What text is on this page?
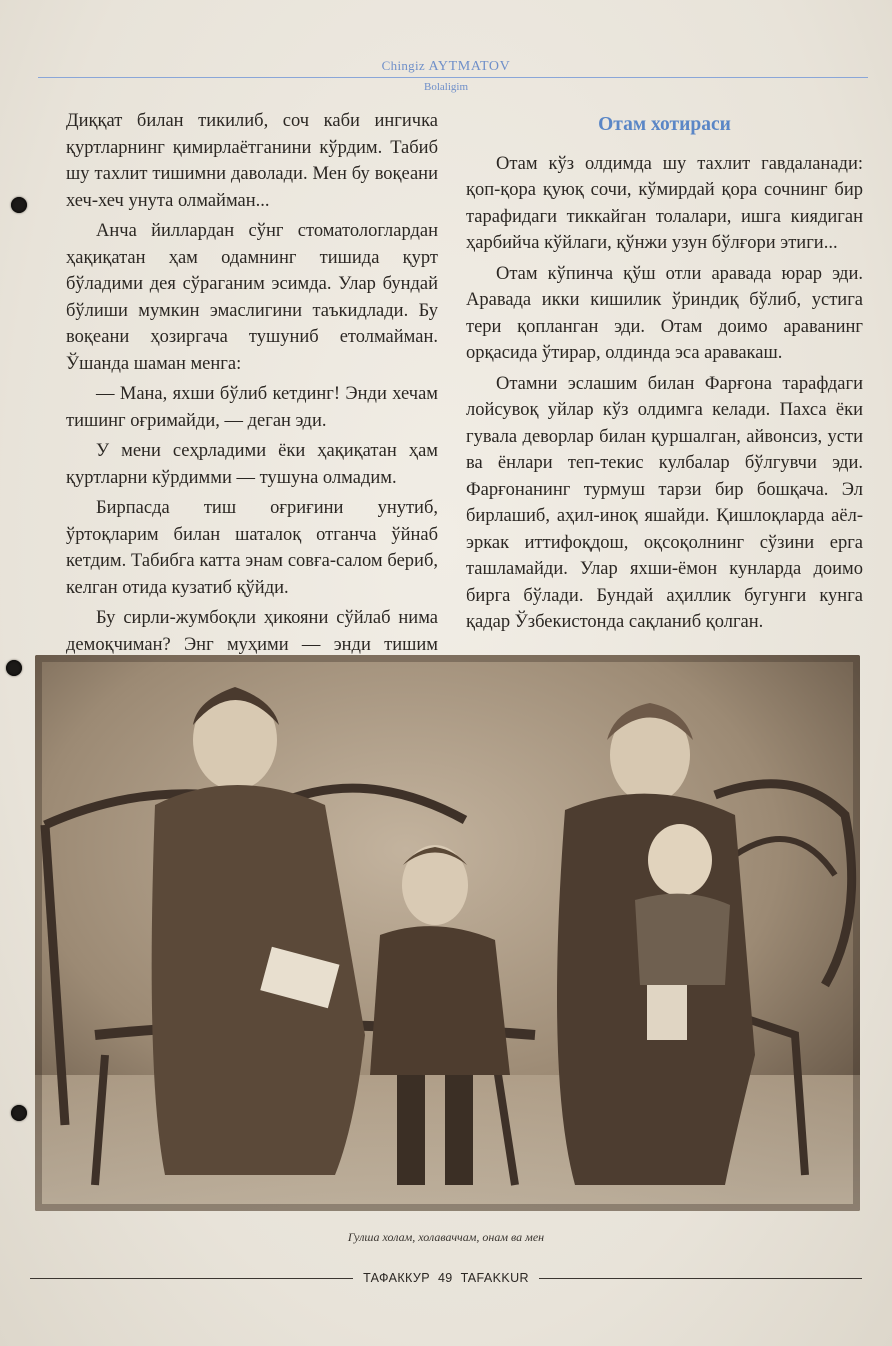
Chingiz AYTMATOV
Bolaligim

Диққат билан тикилиб, соч каби ингичка қуртларнинг қимирлаётганини кўрдим. Табиб шу тахлит тишимни даволади. Мен бу воқеани хеч-хеч унута олмайман...

Анча йиллардан сўнг стоматологлардан ҳақиқатан ҳам одамнинг тишида қурт бўладими дея сўраганим эсимда. Улар бундай бўлиши мумкин эмаслигини таъкидлади. Бу воқеани ҳозиргача тушуниб етолмайман. Ўшанда шаман менга:

— Мана, яхши бўлиб кетдинг! Энди хечам тишинг оғримайди, — деган эди.

У мени сеҳрладими ёки ҳақиқатан ҳам қуртларни кўрдимми — тушуна олмадим.

Бирпасда тиш оғриғини унутиб, ўртоқларим билан шаталоқ отганча ўйнаб кетдим. Табибга катта энам совға-салом бериб, келган отида кузатиб қўйди.

Бу сирли-жумбоқли ҳикояни сўйлаб нима демоқчиман? Энг муҳими — энди тишим

Отам хотираси

Отам кўз олдимда шу тахлит гавдаланади: қоп-қора қуюқ сочи, кўмирдай қора сочнинг бир тарафидаги тиккайган толалари, ишга киядиган ҳарбийча кўйлаги, қўнжи узун бўлғори этиги...

Отам кўпинча қўш отли аравада юрар эди. Аравада икки кишилик ўриндиқ бўлиб, устига тери қопланган эди. Отам доимо араванинг орқасида ўтирар, олдинда эса аравакаш.

Отамни эслашим билан Фарғона тарафдаги лойсувоқ уйлар кўз олдимга келади. Пахса ёки гувала деворлар билан қуршалган, айвонсиз, усти ва ёнлари теп-текис кулбалар бўлгувчи эди. Фарғонанинг турмуш тарзи бир бошқача. Эл бирлашиб, аҳил-иноқ яшайди. Қишлоқларда аёл-эркак иттифоқдош, оқсоқолнинг сўзини ерга ташламайди. Улар яхши-ёмон кунларда доимо бирга бўлади. Бундай аҳиллик бугунги кунга қадар Ўзбекистонда сақланиб қолган.

Гулша холам, холаваччам, онам ва мен
ТАФАККУР 49 TAFAKKUR
